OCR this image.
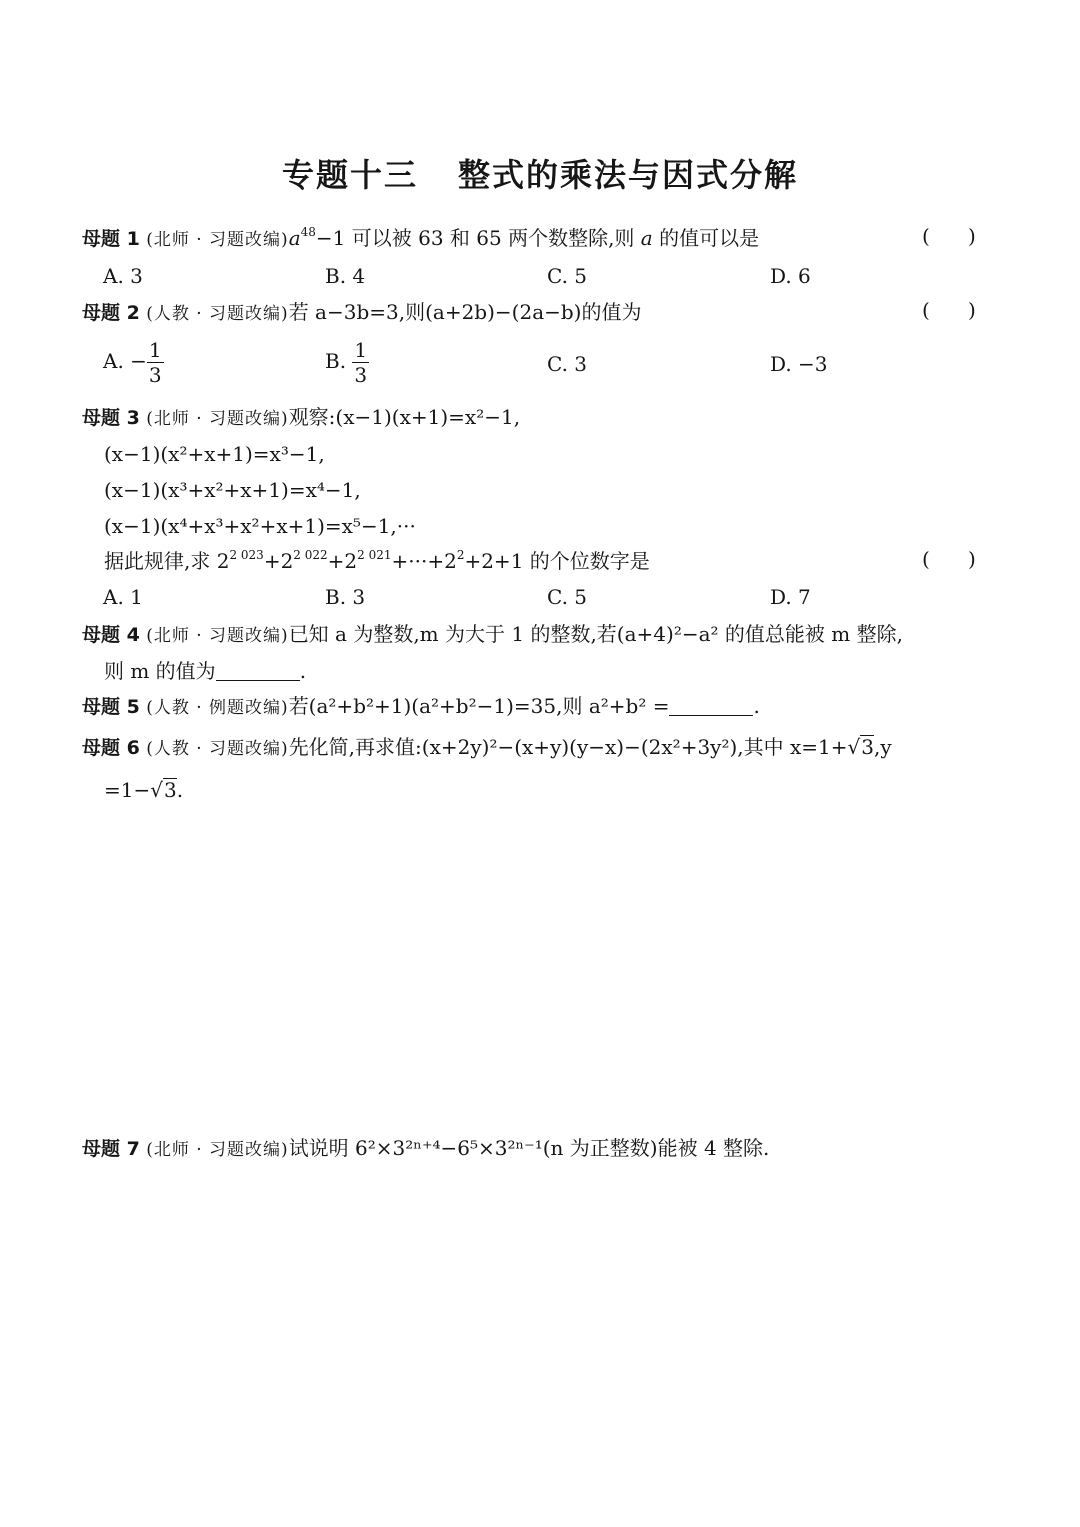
专题十三 整式的乘法与因式分解
母题 1 (北师 · 习题改编)$a^{48}-1$ 可以被 63 和 65 两个数整除,则 a 的值可以是	(      )
A. 3	B. 4	C. 5	D. 6
母题 2 (人教 · 习题改编)若 a−3b=3,则(a+2b)−(2a−b)的值为	(      )
A. − $\frac{1}{3}$	B. $\frac{1}{3}$	C. 3	D. −3
母题 3 (北师 · 习题改编)观察:(x−1)(x+1)=x²−1,
(x−1)(x²+x+1)=x³−1,
(x−1)(x³+x²+x+1)=x⁴−1,
(x−1)(x⁴+x³+x²+x+1)=x⁵−1,···
据此规律,求 $2^{2 023}+2^{2 022}+2^{2 021}+\cdot\cdot\cdot+2^2+2+1$ 的个位数字是	(      )
A. 1	B. 3	C. 5	D. 7
母题 4 (北师 · 习题改编)已知 a 为整数,m 为大于 1 的整数,若(a+4)²−a² 的值总能被 m 整除,
则 m 的值为	.
母题 5 (人教 · 例题改编)若(a²+b²+1)(a²+b²−1)=35,则 a²+b² =	.
母题 6 (人教 · 习题改编)先化简,再求值:(x+2y)²−(x+y)(y−x)−(2x²+3y²),其中 x=1+√3,y
=1−√3.
母题 7 (北师 · 习题改编)试说明 6²×3²ⁿ⁺⁴−6⁵×3²ⁿ⁻¹(n 为正整数)能被 4 整除.
